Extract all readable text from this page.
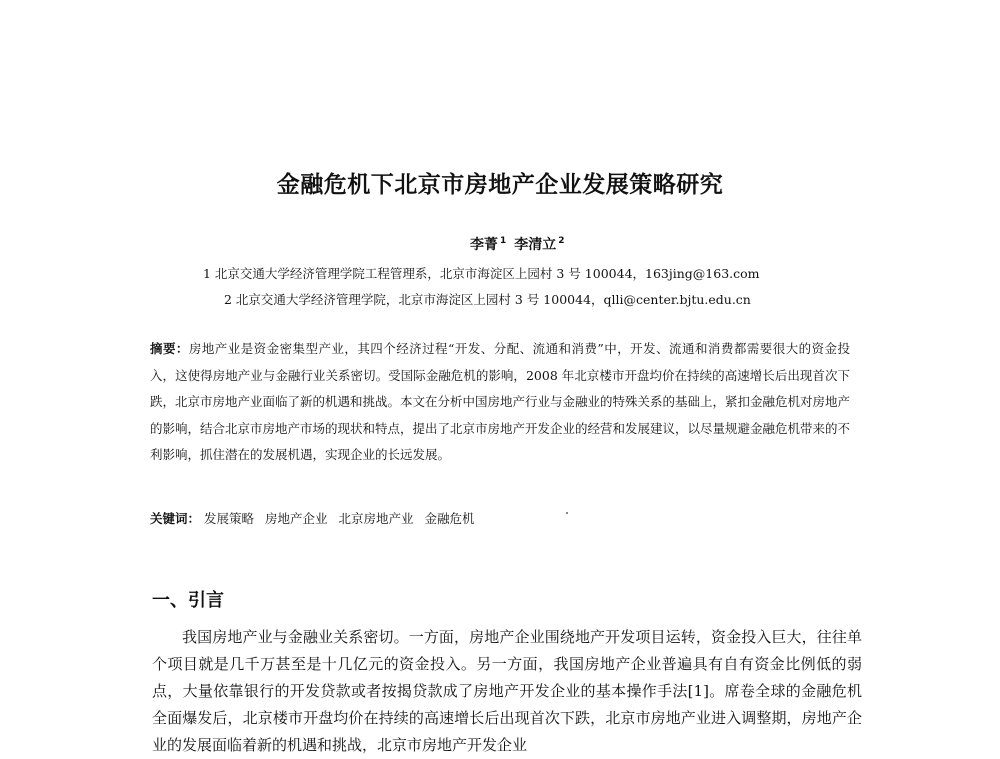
金融危机下北京市房地产企业发展策略研究
李菁 $^1$ 李清立 $^2$
1 北京交通大学经济管理学院工程管理系，北京市海淀区上园村 3 号 100044，163jing@163.com
2 北京交通大学经济管理学院，北京市海淀区上园村 3 号 100044，qlli@center.bjtu.edu.cn
摘要：房地产业是资金密集型产业，其四个经济过程“开发、分配、流通和消费”中，开发、流通和消费都需要很大的资金投入，这使得房地产业与金融行业关系密切。受国际金融危机的影响，2008 年北京楼市开盘均价在持续的高速增长后出现首次下跌，北京市房地产业面临了新的机遇和挑战。本文在分析中国房地产行业与金融业的特殊关系的基础上，紧扣金融危机对房地产的影响，结合北京市房地产市场的现状和特点，提出了北京市房地产开发企业的经营和发展建议，以尽量规避金融危机带来的不利影响，抓住潜在的发展机遇，实现企业的长远发展。
关键词： 发展策略 房地产企业 北京房地产业 金融危机
一、引言
我国房地产业与金融业关系密切。一方面，房地产企业围绕地产开发项目运转，资金投入巨大，往往单个项目就是几千万甚至是十几亿元的资金投入。另一方面，我国房地产企业普遍具有自有资金比例低的弱点，大量依靠银行的开发贷款或者按揭贷款成了房地产开发企业的基本操作手法[1]。席卷全球的金融危机全面爆发后，北京楼市开盘均价在持续的高速增长后出现首次下跌，北京市房地产业进入调整期，房地产企业的发展面临着新的机遇和挑战，北京市房地产开发企业
